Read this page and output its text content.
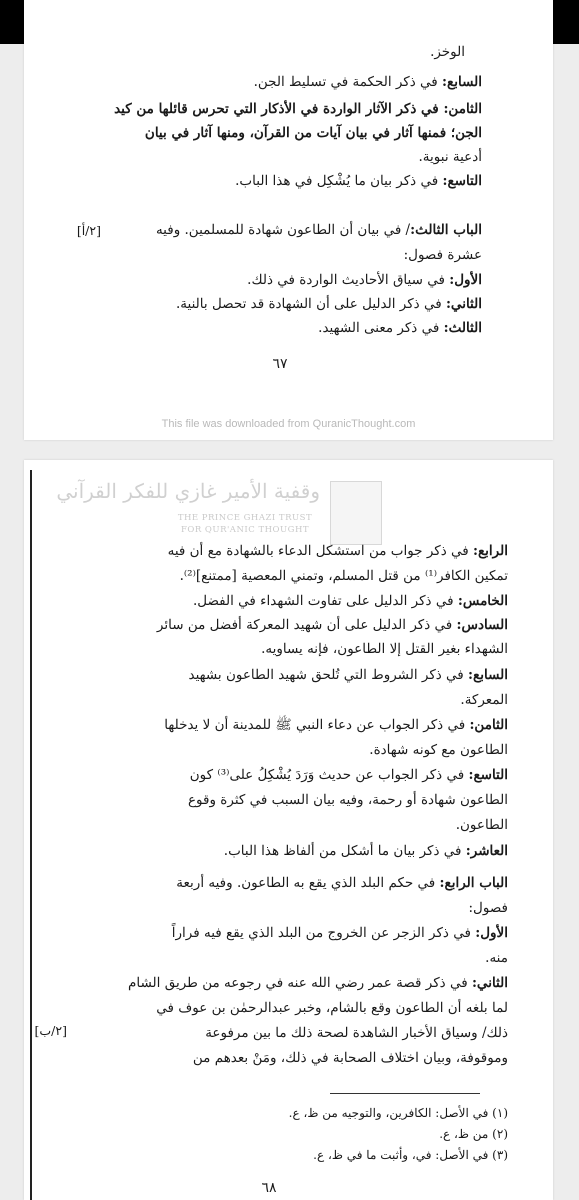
الوخز.
السابع: في ذكر الحكمة في تسليط الجن.
الثامن: في ذكر الآثار الواردة في الأذكار التي تحرس قائلها من كيد
الجن؛ فمنها آثار في بيان آيات من القرآن، ومنها آثار في بيان
أدعية نبوية.
التاسع: في ذكر بيان ما يُشْكِل في هذا الباب.
الباب الثالث:/ في بيان أن الطاعون شهادة للمسلمين. وفيه
[٢/أ]
عشرة فصول:
الأول: في سياق الأحاديث الواردة في ذلك.
الثاني: في ذكر الدليل على أن الشهادة قد تحصل بالنية.
الثالث: في ذكر معنى الشهيد.
٦٧
This file was downloaded from QuranicThought.com
وقفية الأمير غازي للفكر القرآني
THE PRINCE GHAZI TRUST
FOR QUR'ANIC THOUGHT
الرابع: في ذكر جواب من استشكل الدعاء بالشهادة مع أن فيه
تمكين الكافر⁽¹⁾ من قتل المسلم، وتمني المعصية [ممتنع]⁽²⁾.
الخامس: في ذكر الدليل على تفاوت الشهداء في الفضل.
السادس: في ذكر الدليل على أن شهيد المعركة أفضل من سائر
الشهداء بغير القتل إلا الطاعون، فإنه يساويه.
السابع: في ذكر الشروط التي تُلحق شهيد الطاعون بشهيد
المعركة.
الثامن: في ذكر الجواب عن دعاء النبي ﷺ للمدينة أن لا يدخلها
الطاعون مع كونه شهادة.
التاسع: في ذكر الجواب عن حديث وَرَدَ يُشْكِلُ على⁽³⁾ كون
الطاعون شهادة أو رحمة، وفيه بيان السبب في كثرة وقوع
الطاعون.
العاشر: في ذكر بيان ما أشكل من ألفاظ هذا الباب.
الباب الرابع: في حكم البلد الذي يقع به الطاعون. وفيه أربعة
فصول:
الأول: في ذكر الزجر عن الخروج من البلد الذي يقع فيه فراراً
منه.
الثاني: في ذكر قصة عمر رضي الله عنه في رجوعه من طريق الشام
لما بلغه أن الطاعون وقع بالشام، وخبر عبدالرحمٰن بن عوف في
ذلك/ وسياق الأخبار الشاهدة لصحة ذلك ما بين مرفوعة
[٢/ب]
وموقوفة، وبيان اختلاف الصحابة في ذلك، ومَنْ بعدهم من
(١) في الأصل: الكافرين، والتوجيه من ظ، ع.
(٢) من ظ، ع.
(٣) في الأصل: في، وأثبت ما في ظ، ع.
٦٨
